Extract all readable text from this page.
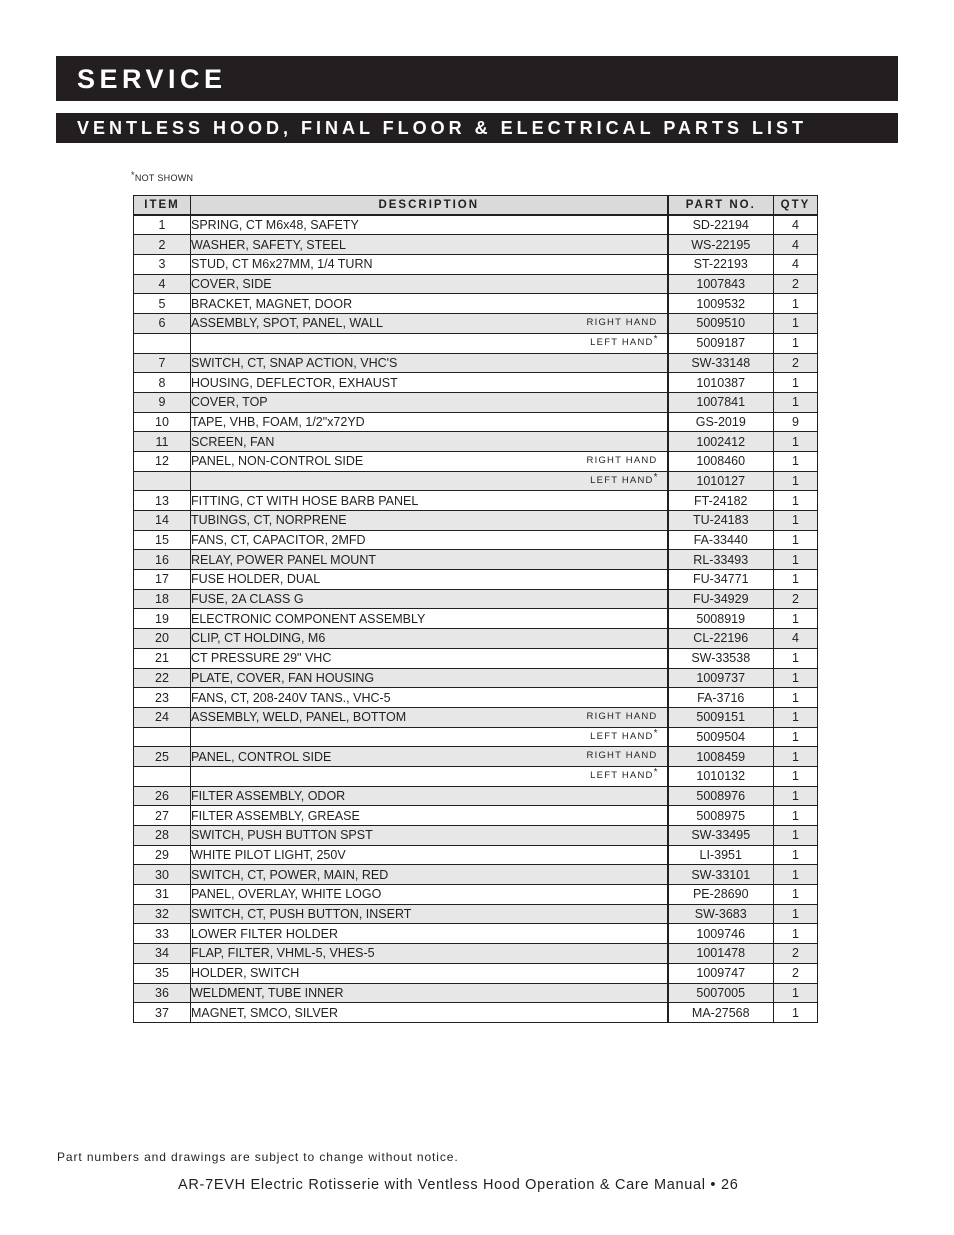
SERVICE
VENTLESS HOOD, FINAL FLOOR & ELECTRICAL PARTS LIST
*NOT SHOWN
ITEM	DESCRIPTION	PART NO.	QTY
1	SPRING, CT M6x48, SAFETY	SD-22194	4
2	WASHER, SAFETY, STEEL	WS-22195	4
3	STUD, CT M6x27MM, 1/4 TURN	ST-22193	4
4	COVER, SIDE	1007843	2
5	BRACKET, MAGNET, DOOR	1009532	1
6	ASSEMBLY, SPOT, PANEL, WALL RIGHT HAND	5009510	1

	LEFT HAND*	5009187	1
7	SWITCH, CT, SNAP ACTION, VHC'S	SW-33148	2
8	HOUSING, DEFLECTOR, EXHAUST	1010387	1
9	COVER, TOP	1007841	1
10	TAPE, VHB, FOAM, 1/2"x72YD	GS-2019	9
11	SCREEN, FAN	1002412	1
12	PANEL, NON-CONTROL SIDE RIGHT HAND	1008460	1

	LEFT HAND*	1010127	1
13	FITTING, CT WITH HOSE BARB PANEL	FT-24182	1
14	TUBINGS, CT, NORPRENE	TU-24183	1
15	FANS, CT, CAPACITOR, 2MFD	FA-33440	1
16	RELAY, POWER PANEL MOUNT	RL-33493	1
17	FUSE HOLDER, DUAL	FU-34771	1
18	FUSE, 2A CLASS G	FU-34929	2
19	ELECTRONIC COMPONENT ASSEMBLY	5008919	1
20	CLIP, CT HOLDING, M6	CL-22196	4
21	CT PRESSURE 29" VHC	SW-33538	1
22	PLATE, COVER, FAN HOUSING	1009737	1
23	FANS, CT, 208-240V TANS., VHC-5	FA-3716	1
24	ASSEMBLY, WELD, PANEL, BOTTOM RIGHT HAND	5009151	1

	LEFT HAND*	5009504	1
25	PANEL, CONTROL SIDE RIGHT HAND	1008459	1

	LEFT HAND*	1010132	1
26	FILTER ASSEMBLY, ODOR	5008976	1
27	FILTER ASSEMBLY, GREASE	5008975	1
28	SWITCH, PUSH BUTTON SPST	SW-33495	1
29	WHITE PILOT LIGHT, 250V	LI-3951	1
30	SWITCH, CT, POWER, MAIN, RED	SW-33101	1
31	PANEL, OVERLAY, WHITE LOGO	PE-28690	1
32	SWITCH, CT, PUSH BUTTON, INSERT	SW-3683	1
33	LOWER FILTER HOLDER	1009746	1
34	FLAP, FILTER, VHML-5, VHES-5	1001478	2
35	HOLDER, SWITCH	1009747	2
36	WELDMENT, TUBE INNER	5007005	1
37	MAGNET, SMCO, SILVER	MA-27568	1
Part numbers and drawings are subject to change without notice.
AR-7EVH Electric Rotisserie with Ventless Hood Operation & Care Manual • 26
